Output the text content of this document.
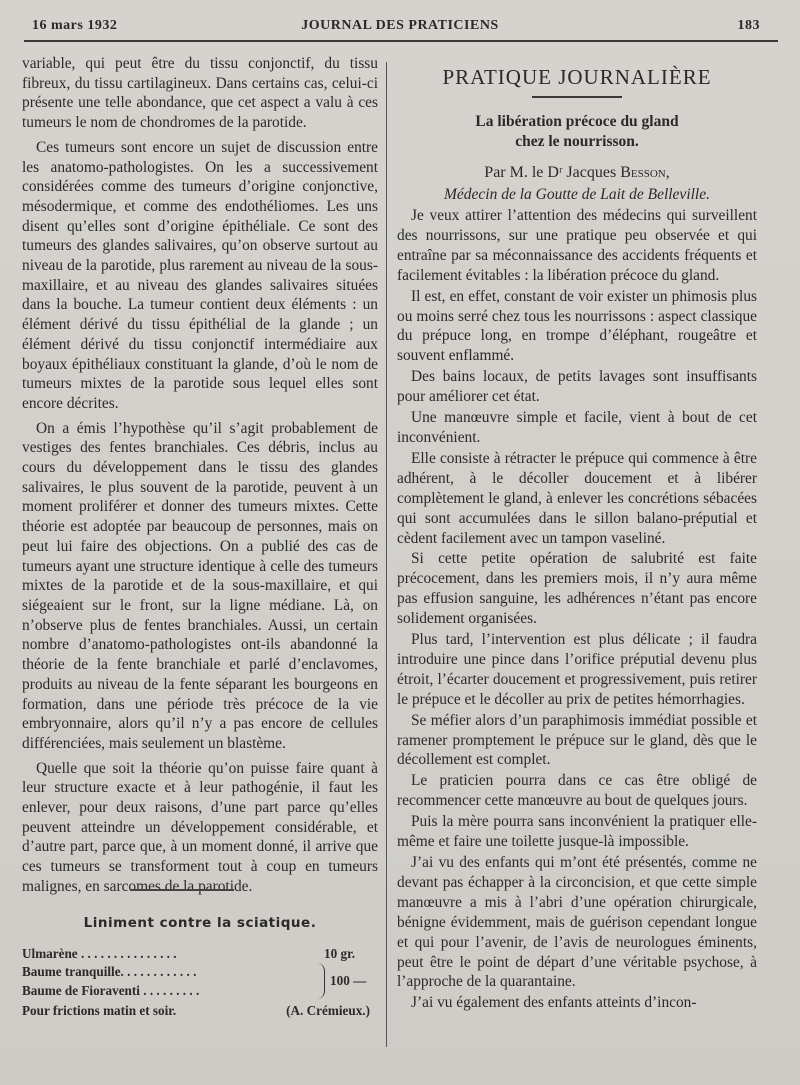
16 mars 1932	JOURNAL DES PRATICIENS	183

variable, qui peut être du tissu conjonctif, du tissu fibreux, du tissu cartilagineux. Dans certains cas, celui-ci présente une telle abondance, que cet aspect a valu à ces tumeurs le nom de chondromes de la parotide.

Ces tumeurs sont encore un sujet de discussion entre les anatomo-pathologistes. On les a successivement considérées comme des tumeurs d’origine conjonctive, mésodermique, et comme des endothéliomes. Les uns disent qu’elles sont d’origine épithéliale. Ce sont des tumeurs des glandes salivaires, qu’on observe surtout au niveau de la parotide, plus rarement au niveau de la sous-maxillaire, et au niveau des glandes salivaires situées dans la bouche. La tumeur contient deux éléments : un élément dérivé du tissu épithélial de la glande ; un élément dérivé du tissu conjonctif intermédiaire aux boyaux épithéliaux constituant la glande, d’où le nom de tumeurs mixtes de la parotide sous lequel elles sont encore décrites.

On a émis l’hypothèse qu’il s’agit probablement de vestiges des fentes branchiales. Ces débris, inclus au cours du développement dans le tissu des glandes salivaires, le plus souvent de la parotide, peuvent à un moment proliférer et donner des tumeurs mixtes. Cette théorie est adoptée par beaucoup de personnes, mais on peut lui faire des objections. On a publié des cas de tumeurs ayant une structure identique à celle des tumeurs mixtes de la parotide et de la sous-maxillaire, et qui siégeaient sur le front, sur la ligne médiane. Là, on n’observe plus de fentes branchiales. Aussi, un certain nombre d’anatomo-pathologistes ont-ils abandonné la théorie de la fente branchiale et parlé d’enclavomes, produits au niveau de la fente séparant les bourgeons en formation, dans une période très précoce de la vie embryonnaire, alors qu’il n’y a pas encore de cellules différenciées, mais seulement un blastème.

Quelle que soit la théorie qu’on puisse faire quant à leur structure exacte et à leur pathogénie, il faut les enlever, pour deux raisons, d’une part parce qu’elles peuvent atteindre un développement considérable, et d’autre part, parce que, à un moment donné, il arrive que ces tumeurs se transforment tout à coup en tumeurs malignes, en sarcomes de la parotide.

Liniment contre la sciatique.
Ulmarène . . . . . . . . . . . . . . .	10 gr.
Baume tranquille. . . . . . . . . . . .
Baume de Fioraventi . . . . . . . . .
100 —
Pour frictions matin et soir.	(A. Crémieux.)
PRATIQUE JOURNALIÈRE
La libération précoce du gland
chez le nourrisson.

Par M. le Dʳ Jacques Besson,

Médecin de la Goutte de Lait de Belleville.

Je veux attirer l’attention des médecins qui surveillent des nourrissons, sur une pratique peu observée et qui entraîne par sa méconnaissance des accidents fréquents et facilement évitables : la libération précoce du gland.

Il est, en effet, constant de voir exister un phimosis plus ou moins serré chez tous les nourrissons : aspect classique du prépuce long, en trompe d’éléphant, rougeâtre et souvent enflammé.

Des bains locaux, de petits lavages sont insuffisants pour améliorer cet état.

Une manœuvre simple et facile, vient à bout de cet inconvénient.

Elle consiste à rétracter le prépuce qui commence à être adhérent, à le décoller doucement et à libérer complètement le gland, à enlever les concrétions sébacées qui sont accumulées dans le sillon balano-préputial et cèdent facilement avec un tampon vaseliné.

Si cette petite opération de salubrité est faite précocement, dans les premiers mois, il n’y aura même pas effusion sanguine, les adhérences n’étant pas encore solidement organisées.

Plus tard, l’intervention est plus délicate ; il faudra introduire une pince dans l’orifice préputial devenu plus étroit, l’écarter doucement et progressivement, puis retirer le prépuce et le décoller au prix de petites hémorrhagies.

Se méfier alors d’un paraphimosis immédiat possible et ramener promptement le prépuce sur le gland, dès que le décollement est complet.

Le praticien pourra dans ce cas être obligé de recommencer cette manœuvre au bout de quelques jours.

Puis la mère pourra sans inconvénient la pratiquer elle-même et faire une toilette jusque-là impossible.

J’ai vu des enfants qui m’ont été présentés, comme ne devant pas échapper à la circoncision, et que cette simple manœuvre a mis à l’abri d’une opération chirurgicale, bénigne évidemment, mais de guérison cependant longue et qui pour l’avenir, de l’avis de neurologues éminents, peut être le point de départ d’une véritable psychose, à l’approche de la quarantaine.

J’ai vu également des enfants atteints d’incon-
